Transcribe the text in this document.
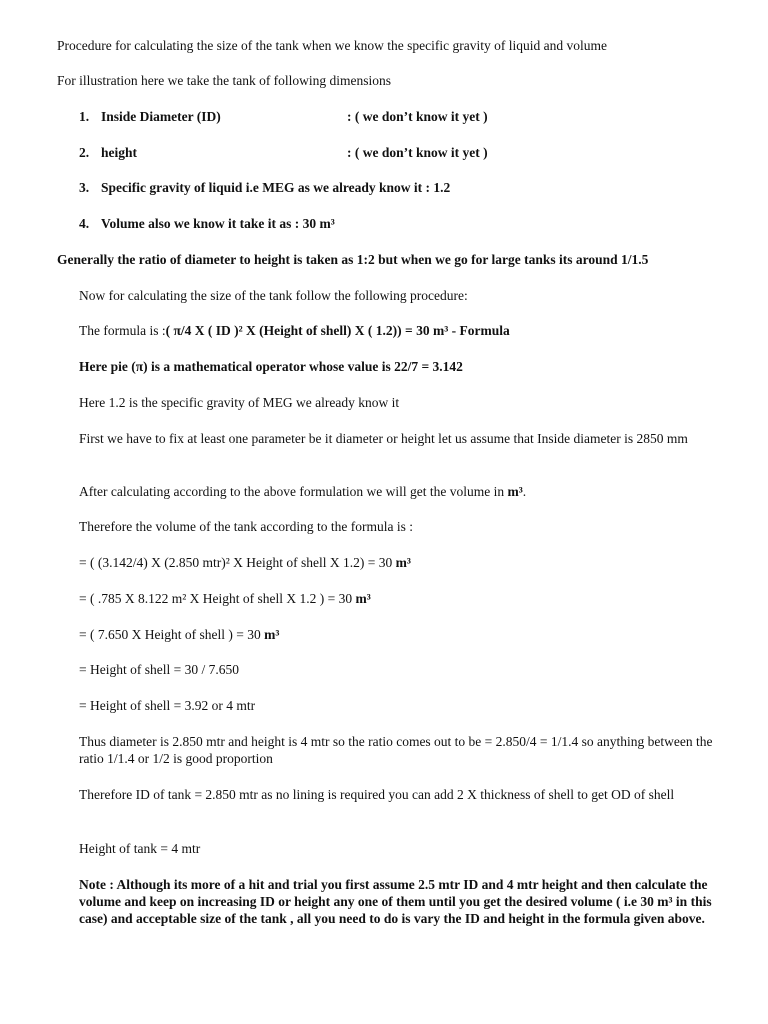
Procedure for calculating the size of the tank when we know the specific gravity of liquid and volume
For illustration here we take the tank of following dimensions
1. Inside Diameter (ID)	: ( we don’t know it yet )
2. height	: ( we don’t know it yet )
3. Specific gravity of liquid i.e MEG as we already know it : 1.2
4. Volume also we know it take it as : 30 m³
Generally the ratio of diameter to height is taken as 1:2 but when we go for large tanks its around 1/1.5
Now for calculating the size of the tank follow the following procedure:
The formula is :( π/4 X ( ID )² X (Height of shell) X ( 1.2)) = 30 m³ - Formula
Here pie (π) is a mathematical operator whose value is 22/7 = 3.142
Here 1.2 is the specific gravity of MEG we already know it
First we have to fix at least one parameter be it diameter or height let us assume that Inside diameter is 2850 mm
After calculating according to the above formulation we will get the volume in m³.
Therefore the volume of the tank according to the formula is :
= ( (3.142/4) X (2.850 mtr)² X Height of shell X 1.2) = 30 m³
= ( .785 X 8.122 m² X Height of shell X 1.2 ) = 30 m³
= ( 7.650 X Height of shell ) = 30 m³
= Height of shell = 30 / 7.650
= Height of shell = 3.92 or 4 mtr
Thus diameter is 2.850 mtr and height is 4 mtr so the ratio comes out to be = 2.850/4 = 1/1.4 so anything between the ratio 1/1.4 or 1/2 is good proportion
Therefore ID of tank = 2.850 mtr as no lining is required you can add 2 X thickness of shell to get OD of shell
Height of tank = 4 mtr
Note : Although its more of a hit and trial you first assume 2.5 mtr ID and 4 mtr height and then calculate the volume and keep on increasing ID or height any one of them until you get the desired volume ( i.e 30 m³ in this case) and acceptable size of the tank , all you need to do is vary the ID and height in the formula given above.
